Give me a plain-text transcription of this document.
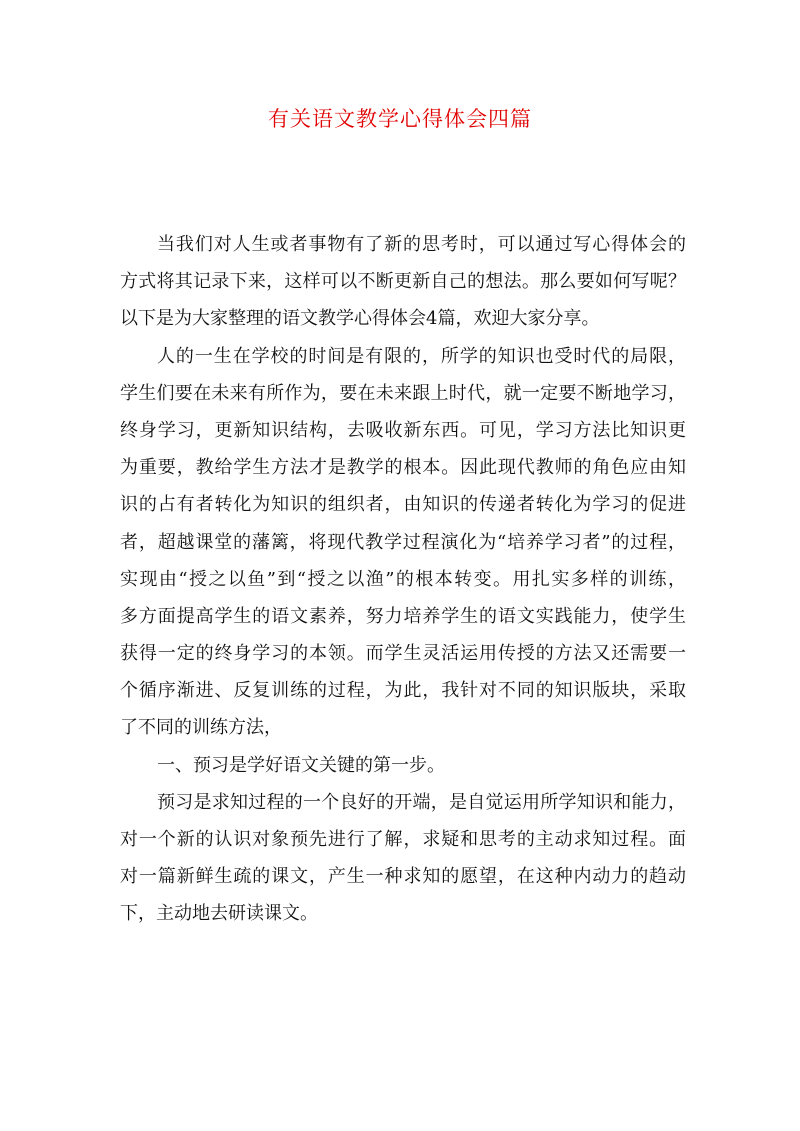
有关语文教学心得体会四篇
当我们对人生或者事物有了新的思考时，可以通过写心得体会的
方式将其记录下来，这样可以不断更新自己的想法。那么要如何写呢？
以下是为大家整理的语文教学心得体会4篇，欢迎大家分享。
人的一生在学校的时间是有限的，所学的知识也受时代的局限，
学生们要在未来有所作为，要在未来跟上时代，就一定要不断地学习，
终身学习，更新知识结构，去吸收新东西。可见，学习方法比知识更
为重要，教给学生方法才是教学的根本。因此现代教师的角色应由知
识的占有者转化为知识的组织者，由知识的传递者转化为学习的促进
者，超越课堂的藩篱，将现代教学过程演化为“培养学习者”的过程，
实现由“授之以鱼”到“授之以渔”的根本转变。用扎实多样的训练，
多方面提高学生的语文素养，努力培养学生的语文实践能力，使学生
获得一定的终身学习的本领。而学生灵活运用传授的方法又还需要一
个循序渐进、反复训练的过程，为此，我针对不同的知识版块，采取
了不同的训练方法，
一、预习是学好语文关键的第一步。
预习是求知过程的一个良好的开端，是自觉运用所学知识和能力，
对一个新的认识对象预先进行了解，求疑和思考的主动求知过程。面
对一篇新鲜生疏的课文，产生一种求知的愿望，在这种内动力的趋动
下，主动地去研读课文。
